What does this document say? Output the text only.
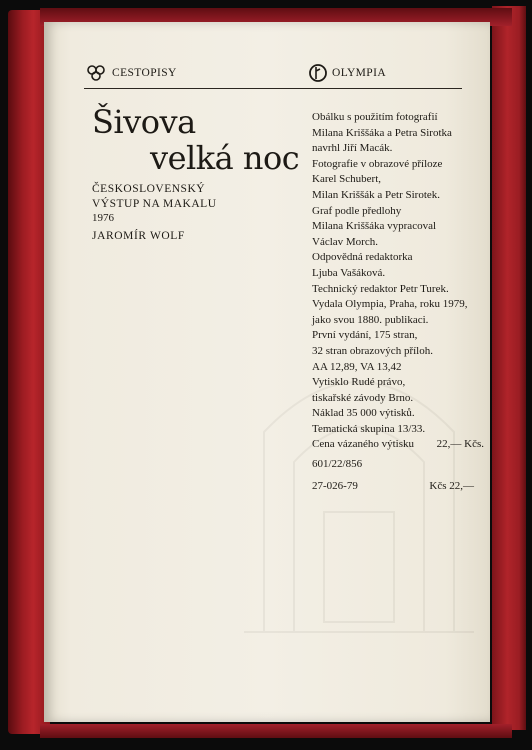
CESTOPISY	OLYMPIA
Šivova
velká noc
ČESKOSLOVENSKÝ
VÝSTUP NA MAKALU
1976
JAROMÍR WOLF
Obálku s použitím fotografií
Milana Kriššáka a Petra Sirotka
navrhl Jiří Macák.
Fotografie v obrazové příloze
Karel Schubert,
Milan Kriššák a Petr Sirotek.
Graf podle předlohy
Milana Kriššáka vypracoval
Václav Morch.
Odpovědná redaktorka
Ljuba Vašáková.
Technický redaktor Petr Turek.
Vydala Olympia, Praha, roku 1979,
jako svou 1880. publikaci.
První vydání, 175 stran,
32 stran obrazových příloh.
AA 12,89, VA 13,42
Vytisklo Rudé právo,
tiskařské závody Brno.
Náklad 35 000 výtisků.
Tematická skupina 13/33.
Cena vázaného výtisku 22,— Kčs.
601/22/856
27-026-79	Kčs 22,—
